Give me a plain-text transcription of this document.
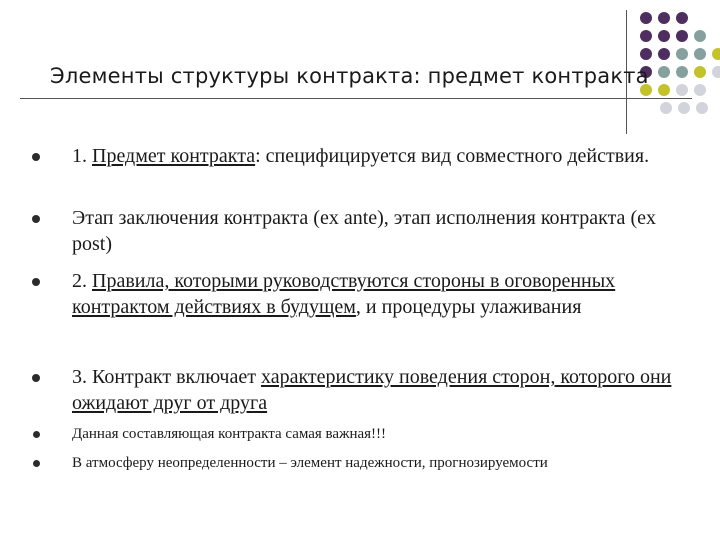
Элементы структуры контракта: предмет контракта
1. Предмет контракта: специфицируется вид совместного действия.
Этап заключения контракта (ex ante), этап исполнения контракта (ex post)
2. Правила, которыми руководствуются стороны в оговоренных контрактом действиях в будущем, и процедуры улаживания
3. Контракт включает характеристику поведения сторон, которого они ожидают друг от друга
Данная составляющая контракта самая важная!!!
В атмосферу неопределенности – элемент надежности, прогнозируемости
